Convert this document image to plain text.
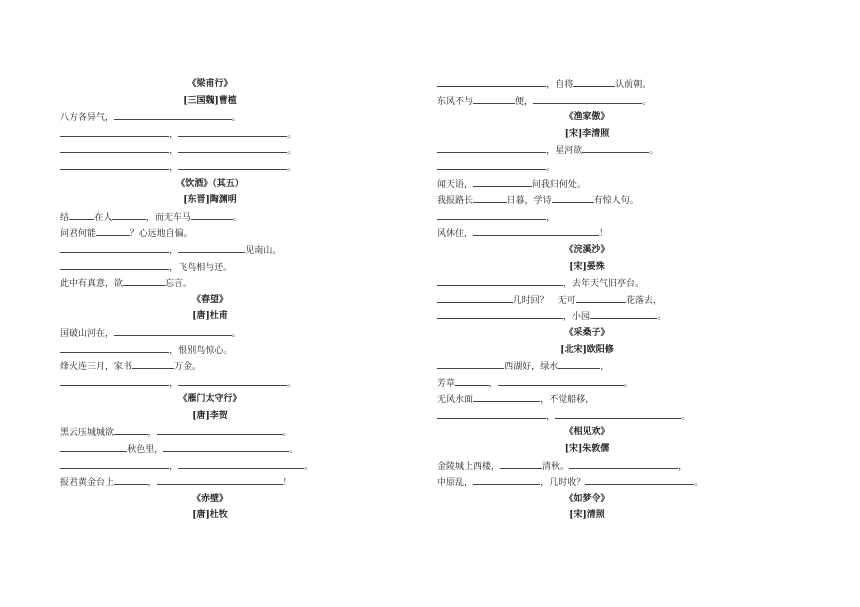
《梁甫行》
[三国魏]曹植
八方各异气，	。
，	。
，	。
，	。
《饮酒》（其五）
[东晋]陶渊明
结	在人	，而无车马	。
问君何能	？心远地自偏。
，	见南山。
，飞鸟相与还。
此中有真意，欲	忘言。
《春望》
[唐]杜甫
国破山河在，	。
，恨别鸟惊心。
烽火连三月，家书	万金。
，	。
《雁门太守行》
[唐]李贺
黑云压城城欲	，	。
秋色里，	。
，	。
报君黄金台上	，	！
《赤壁》
[唐]杜牧
，自将	认前朝。
东风不与	便，	。
《渔家傲》
[宋]李清照
，星河欲	。
。
闻天语，	问我归何处。
我报路长	日暮，学诗	有惊人句。
，
风休住，	！
《浣溪沙》
[宋]晏殊
，去年天气旧亭台。
几时回？　无可	花落去，
，小园	。
《采桑子》
[北宋]欧阳修
西湖好，绿水	，
芳草	，	。
无风水面	，不觉船移，
，	。
《相见欢》
[宋]朱敦儒
金陵城上西楼，	清秋。	，
中原乱，	，几时收？	。
《如梦令》
[宋]清照
